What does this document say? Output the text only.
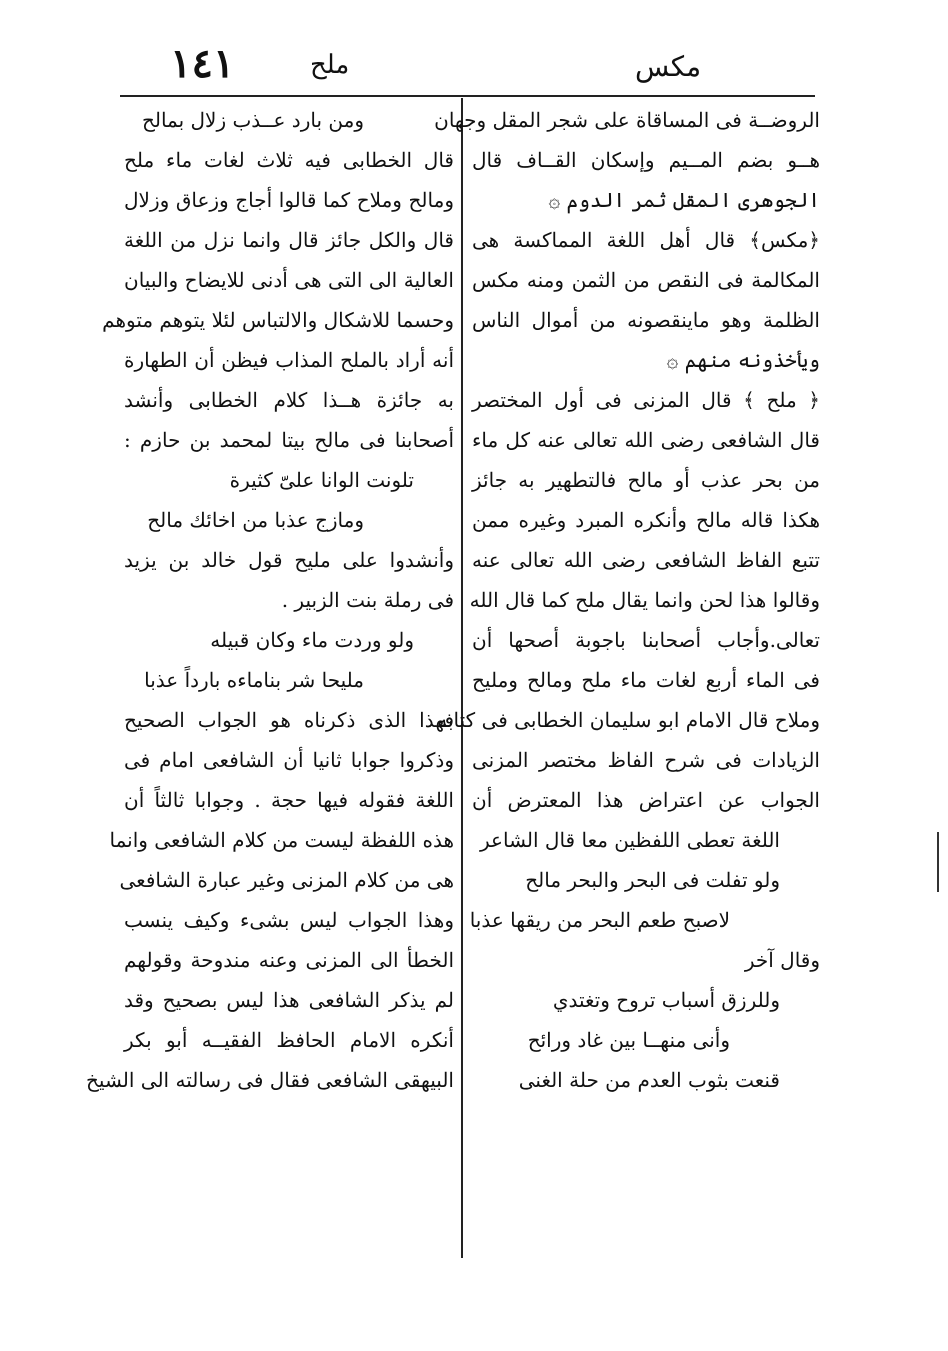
١٤١	ملح	مكس
الروضــة فى المساقاة على شجر المقل وجهان
هــو بضم المــيم وإسكان القــاف قال
الجوهرى المقل ثمر الدوم ۞
﴿مكس﴾ قال أهل اللغة المماكسة هى
المكالمة فى النقص من الثمن ومنه مكس
الظلمة وهو ماينقصونه من أموال الناس
ويأخذونه منهم ۞
﴿ ملح ﴾ قال المزنى فى أول المختصر
قال الشافعى رضى الله تعالى عنه كل ماء
من بحر عذب أو مالح فالتطهير به جائز
هكذا قاله مالح وأنكره المبرد وغيره ممن
تتبع الفاظ الشافعى رضى الله تعالى عنه
وقالوا هذا لحن وانما يقال ملح كما قال الله
تعالى.وأجاب أصحابنا باجوبة أصحها أن
فى الماء أربع لغات ماء ملح ومالح ومليح
وملاح قال الامام ابو سليمان الخطابى فى كتابه
الزيادات فى شرح الفاظ مختصر المزنى
الجواب عن اعتراض هذا المعترض أن
اللغة تعطى اللفظين معا قال الشاعر
ولو تفلت فى البحر والبحر مالح
لاصبح طعم البحر من ريقها عذبا
وقال آخر
وللرزق أسباب تروح وتغتدي
وأنى منهــا بين غاد ورائح
قنعت بثوب العدم من حلة الغنى
ومن بارد عــذب زلال بمالح
قال الخطابى فيه ثلاث لغات ماء ملح
ومالح وملاح كما قالوا أجاج وزعاق وزلال
قال والكل جائز قال وانما نزل من اللغة
العالية الى التى هى أدنى للايضاح والبيان
وحسما للاشكال والالتباس لئلا يتوهم متوهم
أنه أراد بالملح المذاب فيظن أن الطهارة
به جائزة هــذا كلام الخطابى وأنشد
أصحابنا فى مالح بيتا لمحمد بن حازم :
تلونت الوانا علىّ كثيرة
ومازج عذبا من اخائك مالح
وأنشدوا على مليح قول خالد بن يزيد
فى رملة بنت الزبير .
ولو وردت ماء وكان قبيله
مليحا شر بناماءه بارداً عذبا
فهذا الذى ذكرناه هو الجواب الصحيح
وذكروا جوابا ثانيا أن الشافعى امام فى
اللغة فقوله فيها حجة . وجوابا ثالثاً أن
هذه اللفظة ليست من كلام الشافعى وانما
هى من كلام المزنى وغير عبارة الشافعى
وهذا الجواب ليس بشىء وكيف ينسب
الخطأ الى المزنى وعنه مندوحة وقولهم
لم يذكر الشافعى هذا ليس بصحيح وقد
أنكره الامام الحافظ الفقيــه أبو بكر
البيهقى الشافعى فقال فى رسالته الى الشيخ
